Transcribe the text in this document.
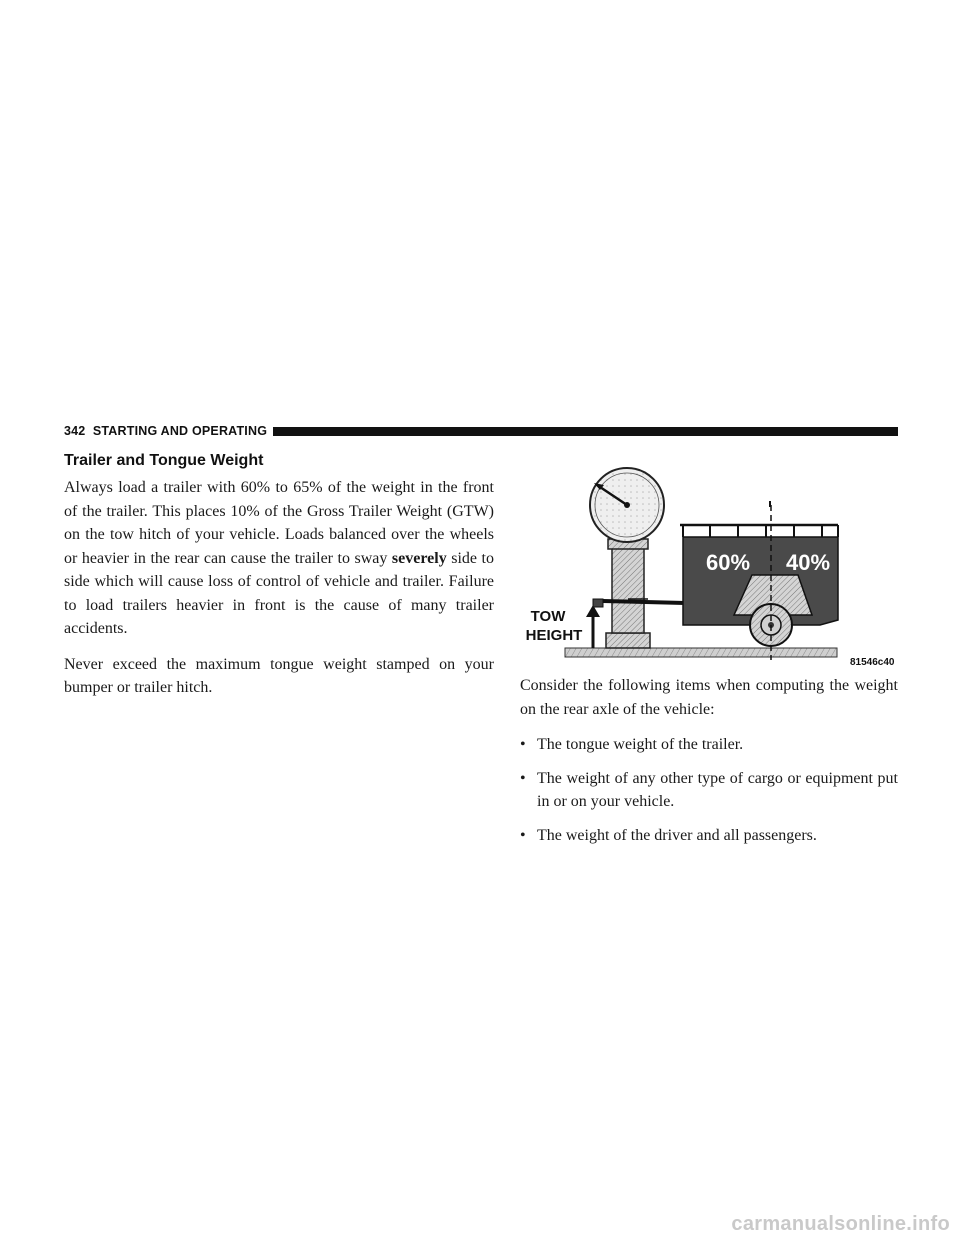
342 STARTING AND OPERATING
Trailer and Tongue Weight

Always load a trailer with 60% to 65% of the weight in the front of the trailer. This places 10% of the Gross Trailer Weight (GTW) on the tow hitch of your vehicle. Loads balanced over the wheels or heavier in the rear can cause the trailer to sway severely side to side which will cause loss of control of vehicle and trailer. Failure to load trailers heavier in front is the cause of many trailer accidents.

Never exceed the maximum tongue weight stamped on your bumper or trailer hitch.

TOW
HEIGHT
60% 40%
81546c40

Consider the following items when computing the weight on the rear axle of the vehicle:

• The tongue weight of the trailer.
• The weight of any other type of cargo or equipment put in or on your vehicle.
• The weight of the driver and all passengers.
carmanualsonline.info
